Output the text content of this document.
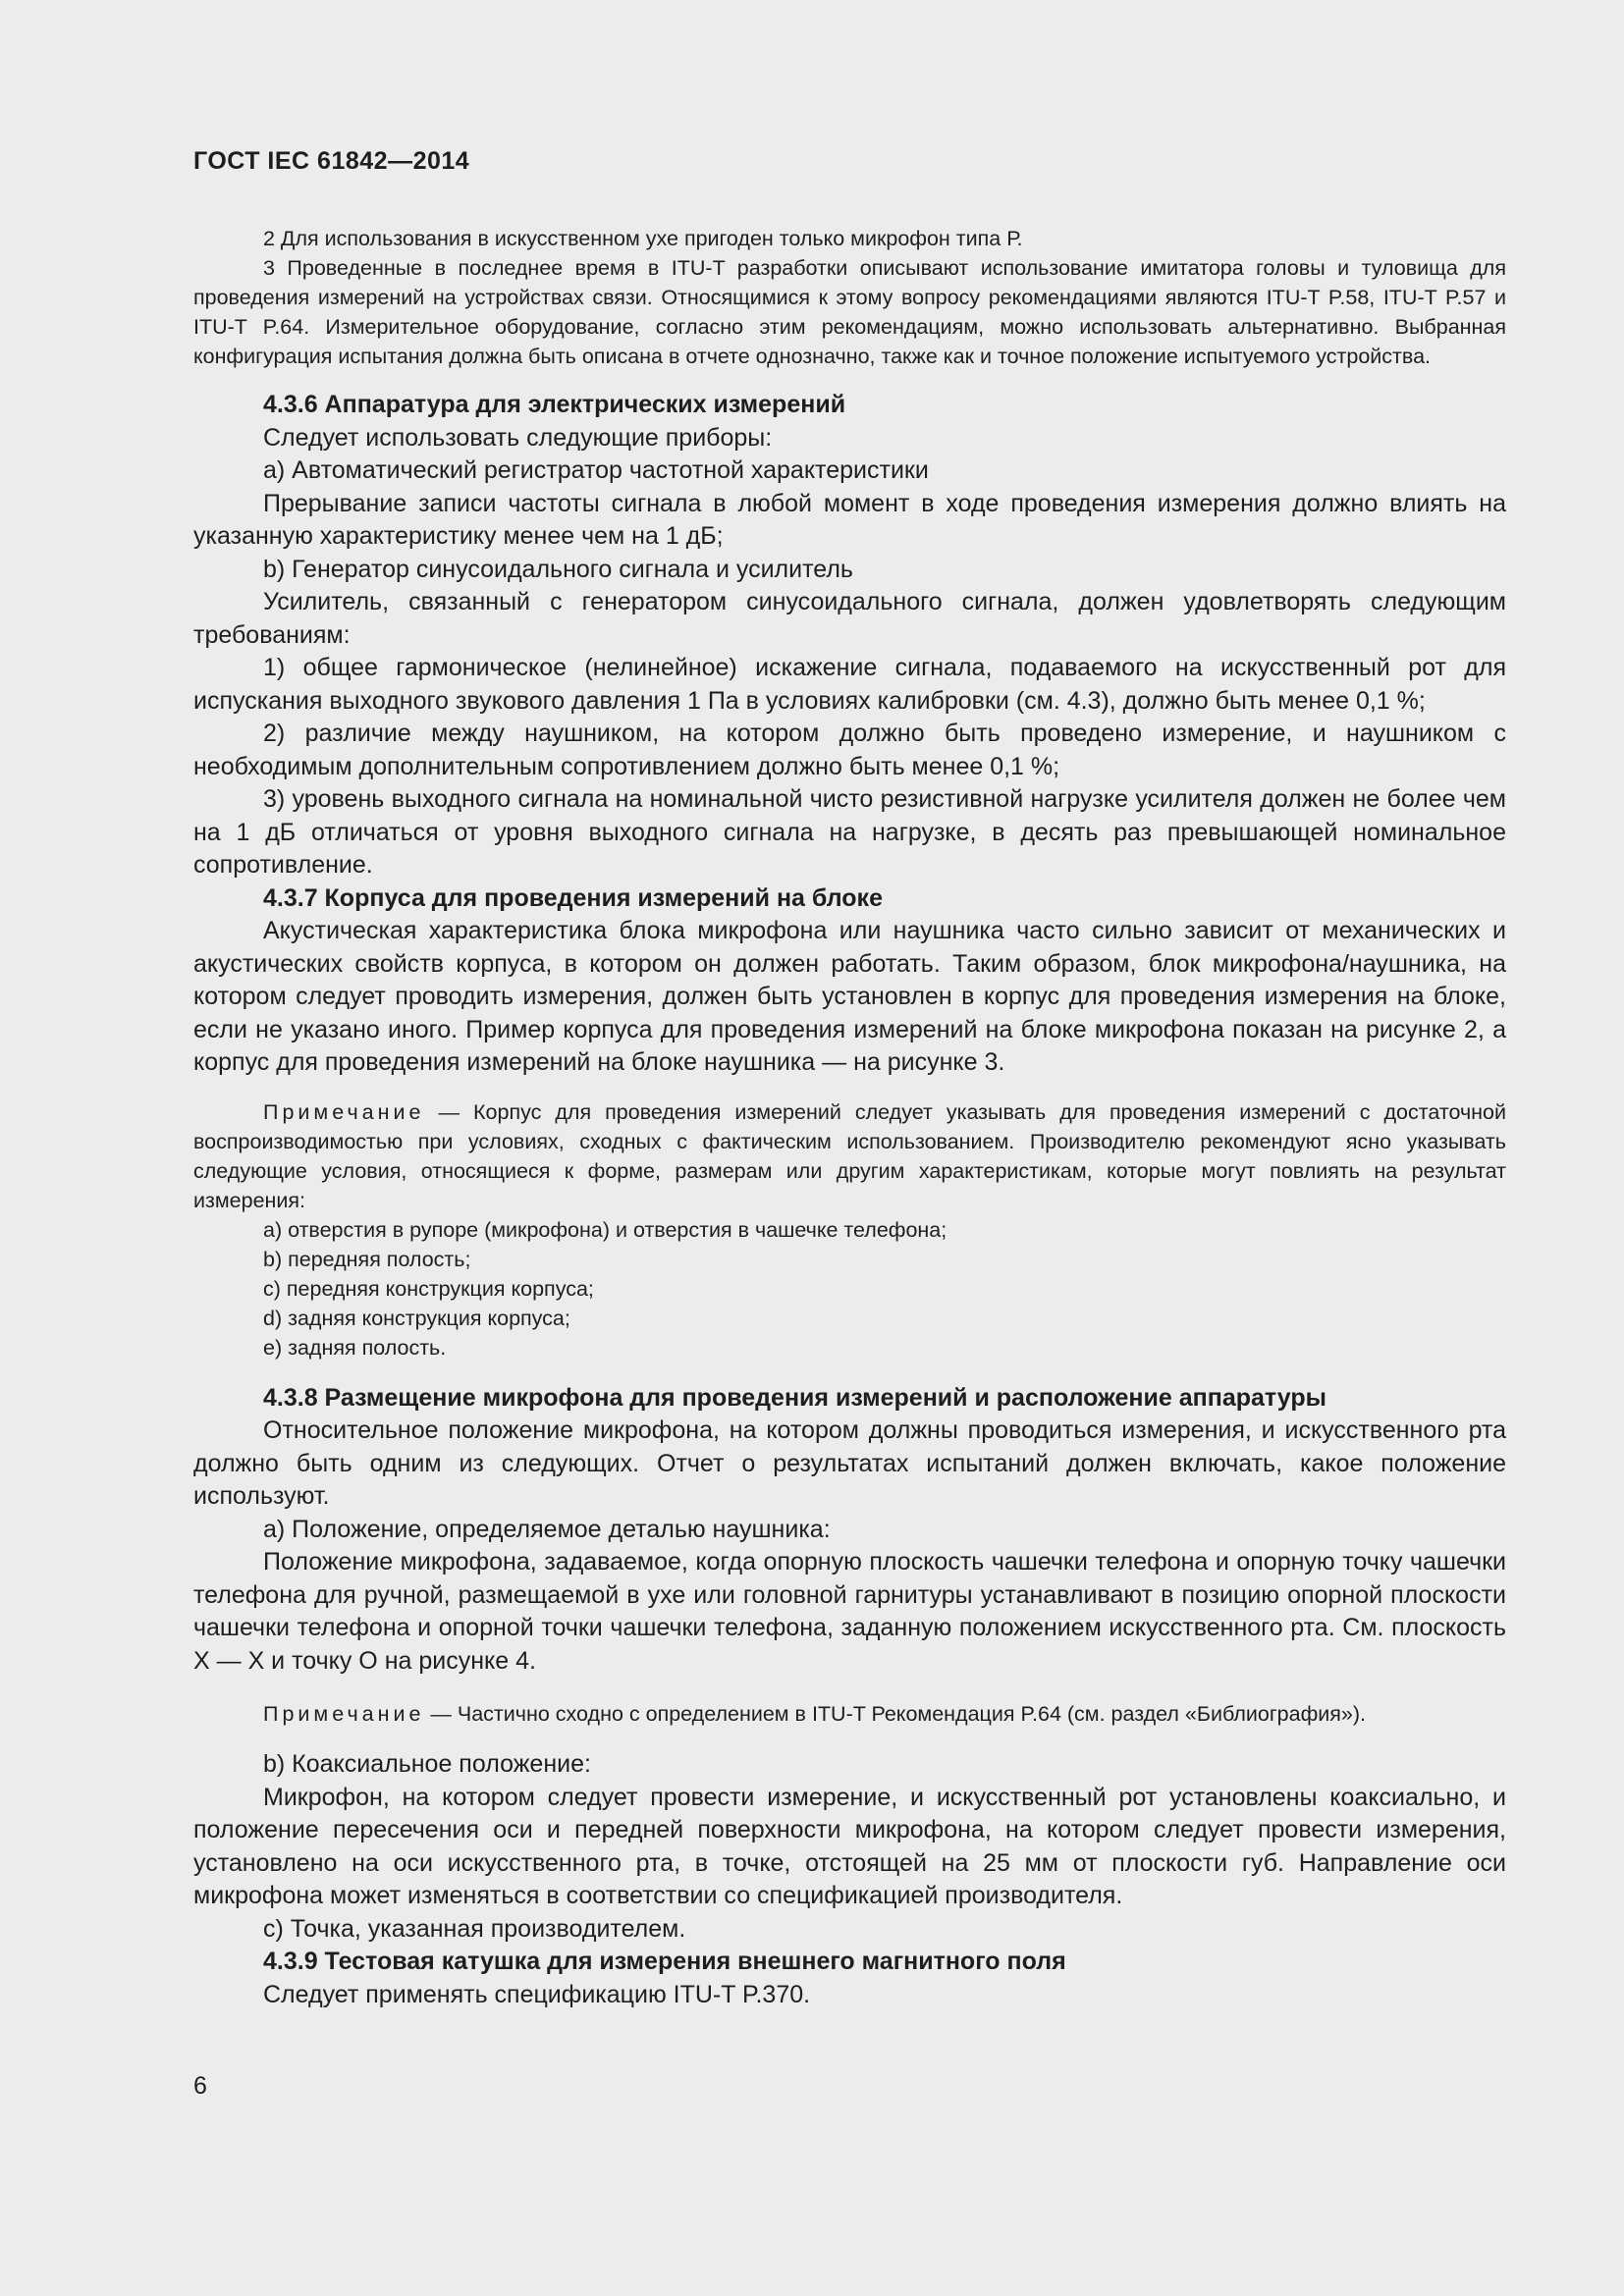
ГОСТ IEC 61842—2014

2 Для использования в искусственном ухе пригоден только микрофон типа Р.

3 Проведенные в последнее время в ITU-T разработки описывают использование имитатора головы и туловища для проведения измерений на устройствах связи. Относящимися к этому вопросу рекомендациями являются ITU-T P.58, ITU-T P.57 и ITU-T P.64. Измерительное оборудование, согласно этим рекомендациям, можно использовать альтернативно. Выбранная конфигурация испытания должна быть описана в отчете однозначно, также как и точное положение испытуемого устройства.

4.3.6 Аппаратура для электрических измерений

Следует использовать следующие приборы:

а) Автоматический регистратор частотной характеристики

Прерывание записи частоты сигнала в любой момент в ходе проведения измерения должно влиять на указанную характеристику менее чем на 1 дБ;

b) Генератор синусоидального сигнала и усилитель

Усилитель, связанный с генератором синусоидального сигнала, должен удовлетворять следующим требованиям:

1) общее гармоническое (нелинейное) искажение сигнала, подаваемого на искусственный рот для испускания выходного звукового давления 1 Па в условиях калибровки (см. 4.3), должно быть менее 0,1 %;

2) различие между наушником, на котором должно быть проведено измерение, и наушником с необходимым дополнительным сопротивлением должно быть менее 0,1 %;

3) уровень выходного сигнала на номинальной чисто резистивной нагрузке усилителя должен не более чем на 1 дБ отличаться от уровня выходного сигнала на нагрузке, в десять раз превышающей номинальное сопротивление.

4.3.7 Корпуса для проведения измерений на блоке

Акустическая характеристика блока микрофона или наушника часто сильно зависит от механических и акустических свойств корпуса, в котором он должен работать. Таким образом, блок микрофона/наушника, на котором следует проводить измерения, должен быть установлен в корпус для проведения измерения на блоке, если не указано иного. Пример корпуса для проведения измерений на блоке микрофона показан на рисунке 2, а корпус для проведения измерений на блоке наушника — на рисунке 3.

Примечание — Корпус для проведения измерений следует указывать для проведения измерений с достаточной воспроизводимостью при условиях, сходных с фактическим использованием. Производителю рекомендуют ясно указывать следующие условия, относящиеся к форме, размерам или другим характеристикам, которые могут повлиять на результат измерения:

а) отверстия в рупоре (микрофона) и отверстия в чашечке телефона;

b) передняя полость;

c) передняя конструкция корпуса;

d) задняя конструкция корпуса;

e) задняя полость.

4.3.8 Размещение микрофона для проведения измерений и расположение аппаратуры

Относительное положение микрофона, на котором должны проводиться измерения, и искусственного рта должно быть одним из следующих. Отчет о результатах испытаний должен включать, какое положение используют.

а) Положение, определяемое деталью наушника:

Положение микрофона, задаваемое, когда опорную плоскость чашечки телефона и опорную точку чашечки телефона для ручной, размещаемой в ухе или головной гарнитуры устанавливают в позицию опорной плоскости чашечки телефона и опорной точки чашечки телефона, заданную положением искусственного рта. См. плоскость X — X и точку O на рисунке 4.

Примечание — Частично сходно с определением в ITU-T Рекомендация P.64 (см. раздел «Библиография»).

b) Коаксиальное положение:

Микрофон, на котором следует провести измерение, и искусственный рот установлены коаксиально, и положение пересечения оси и передней поверхности микрофона, на котором следует провести измерения, установлено на оси искусственного рта, в точке, отстоящей на 25 мм от плоскости губ. Направление оси микрофона может изменяться в соответствии со спецификацией производителя.

c) Точка, указанная производителем.

4.3.9 Тестовая катушка для измерения внешнего магнитного поля

Следует применять спецификацию ITU-T P.370.

6
